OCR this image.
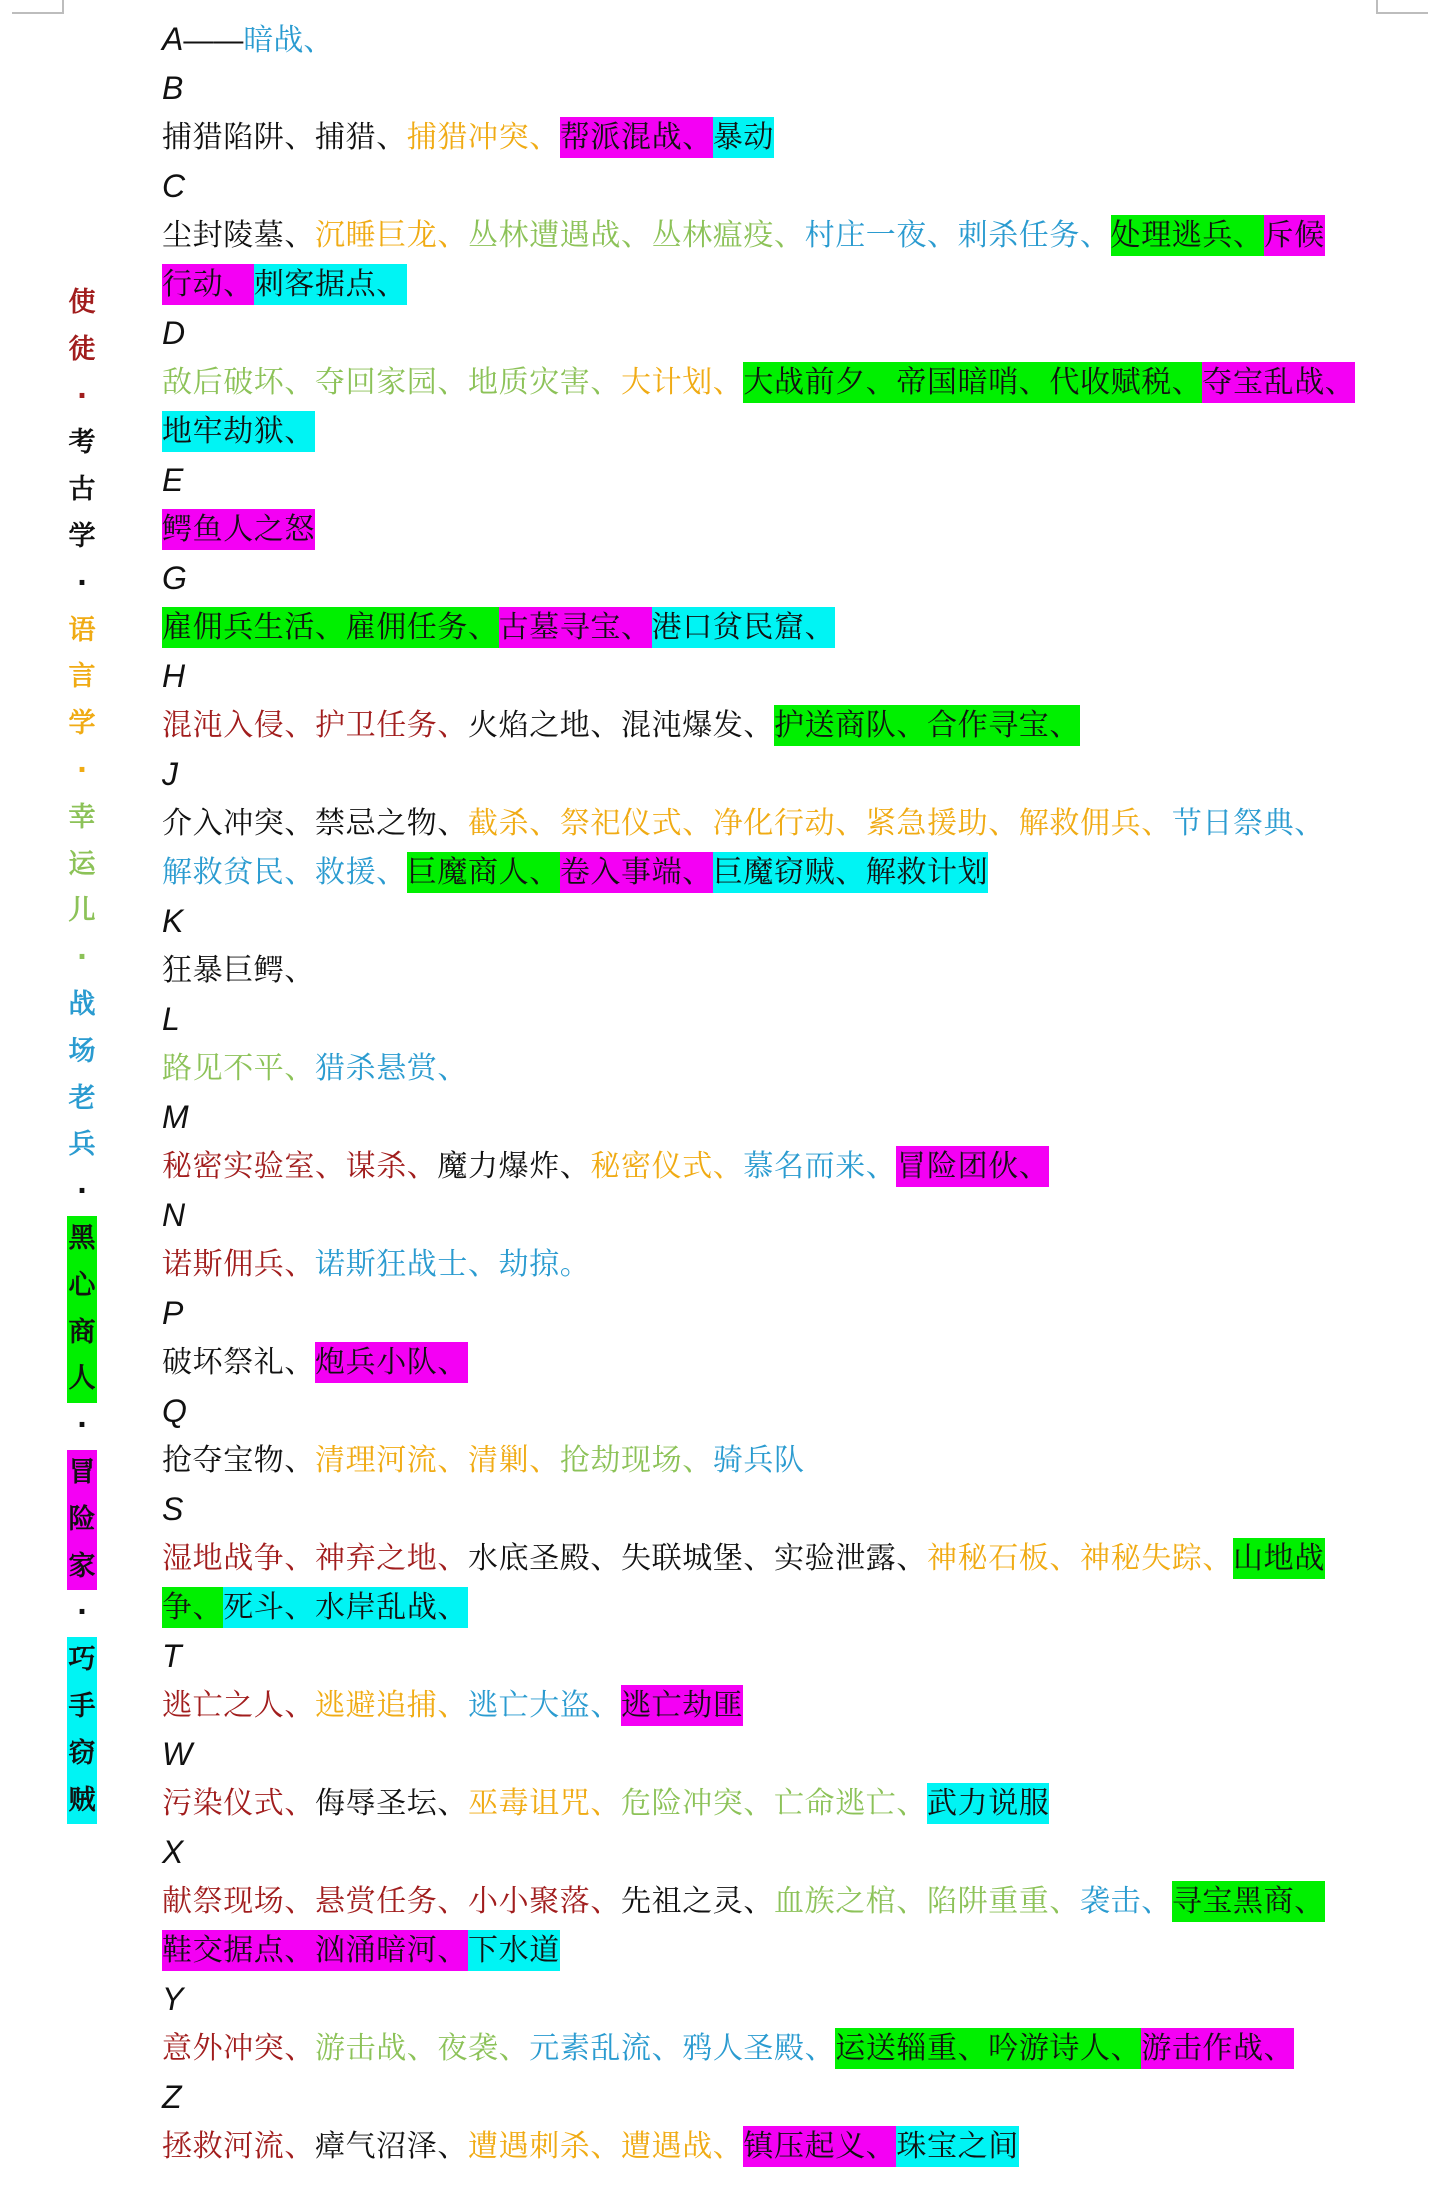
使
徒
·
考
古
学
·
语
言
学
·
幸
运
儿
·
战
场
老
兵
·
黑
心
商
人
·
冒
险
家
·
巧
手
窃
贼
A——暗战、
B
捕猎陷阱、捕猎、捕猎冲突、帮派混战、暴动
C
尘封陵墓、沉睡巨龙、丛林遭遇战、丛林瘟疫、村庄一夜、刺杀任务、处理逃兵、斥候
行动、刺客据点、
D
敌后破坏、夺回家园、地质灾害、大计划、大战前夕、帝国暗哨、代收赋税、夺宝乱战、
地牢劫狱、
E
鳄鱼人之怒
G
雇佣兵生活、雇佣任务、古墓寻宝、港口贫民窟、
H
混沌入侵、护卫任务、火焰之地、混沌爆发、护送商队、合作寻宝、
J
介入冲突、禁忌之物、截杀、祭祀仪式、净化行动、紧急援助、解救佣兵、节日祭典、
解救贫民、救援、巨魔商人、卷入事端、巨魔窃贼、解救计划
K
狂暴巨鳄、
L
路见不平、猎杀悬赏、
M
秘密实验室、谋杀、魔力爆炸、秘密仪式、慕名而来、冒险团伙、
N
诺斯佣兵、诺斯狂战士、劫掠。
P
破坏祭礼、炮兵小队、
Q
抢夺宝物、清理河流、清剿、抢劫现场、骑兵队
S
湿地战争、神弃之地、水底圣殿、失联城堡、实验泄露、神秘石板、神秘失踪、山地战
争、死斗、水岸乱战、
T
逃亡之人、逃避追捕、逃亡大盗、逃亡劫匪
W
污染仪式、侮辱圣坛、巫毒诅咒、危险冲突、亡命逃亡、武力说服
X
献祭现场、悬赏任务、小小聚落、先祖之灵、血族之棺、陷阱重重、袭击、寻宝黑商、
鞋交据点、汹涌暗河、下水道
Y
意外冲突、游击战、夜袭、元素乱流、鸦人圣殿、运送辎重、吟游诗人、游击作战、
Z
拯救河流、瘴气沼泽、遭遇刺杀、遭遇战、镇压起义、珠宝之间
